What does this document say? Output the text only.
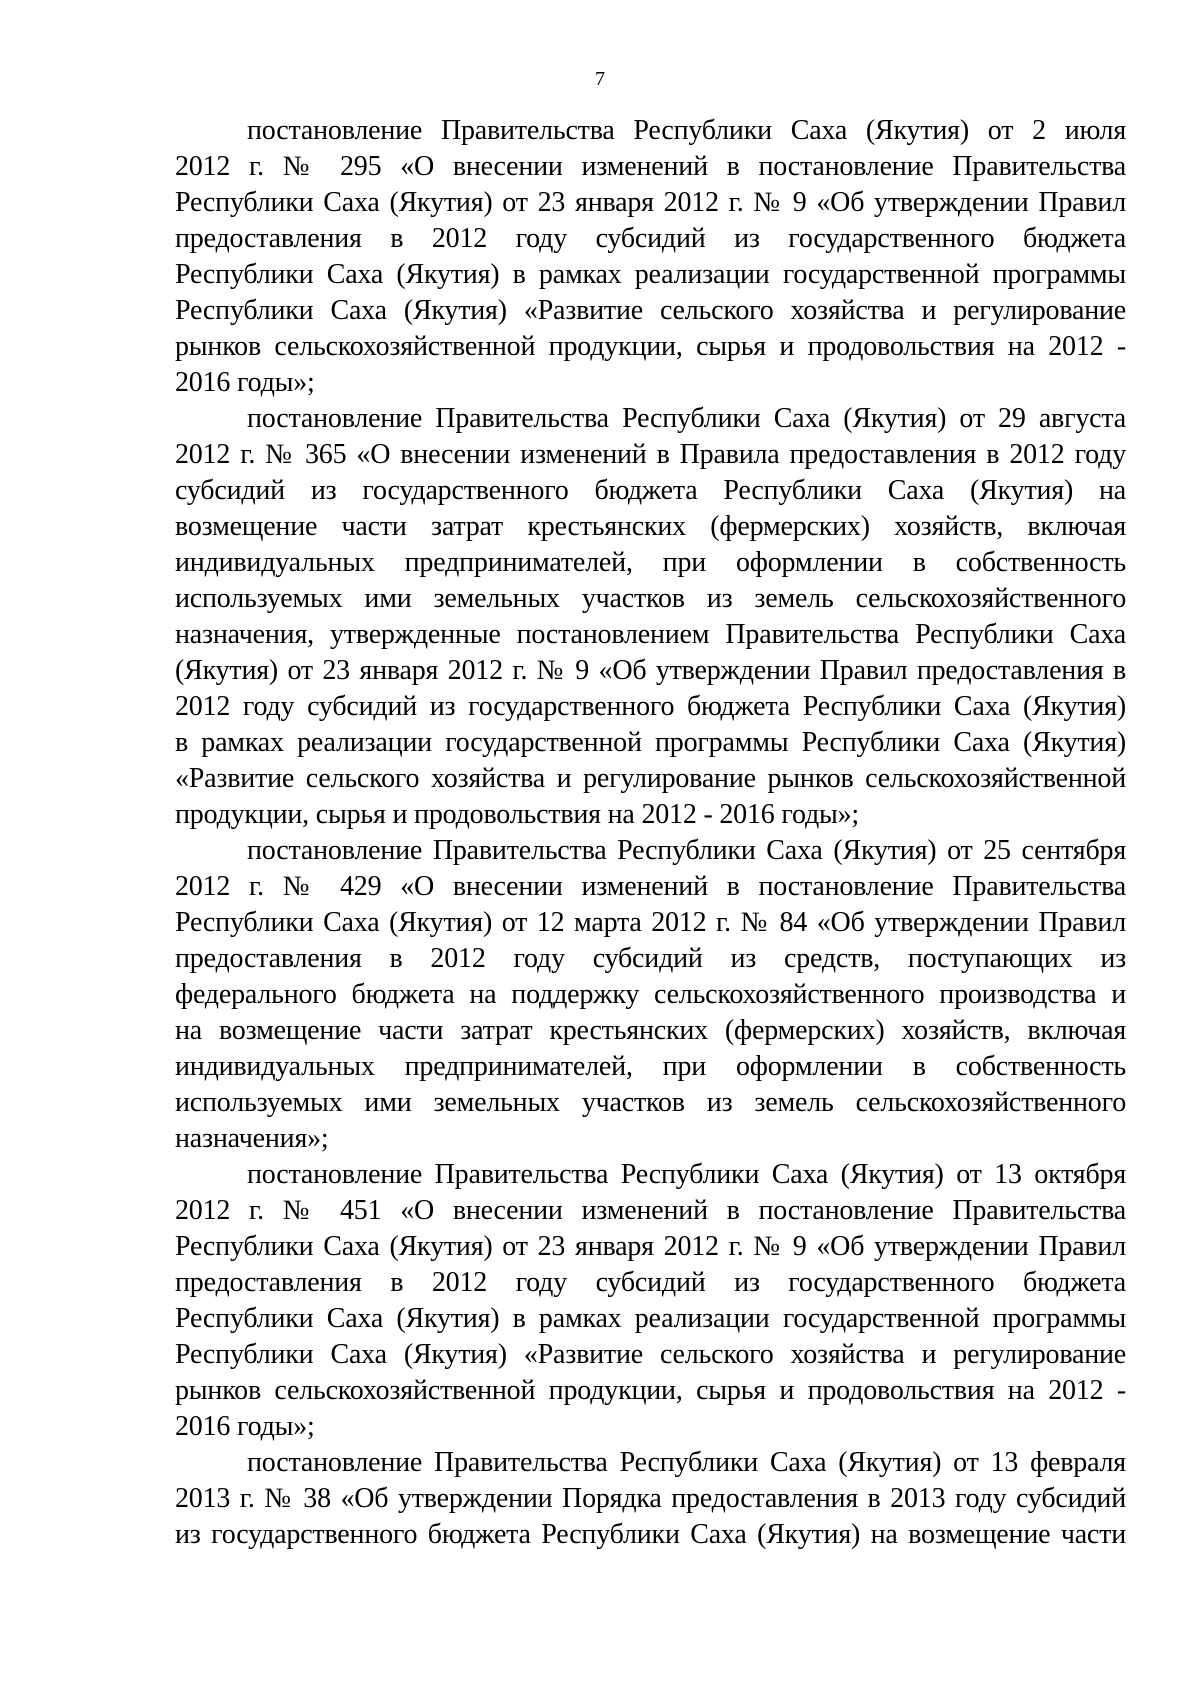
7
постановление Правительства Республики Саха (Якутия) от 2 июля
2012 г. № 295 «О внесении изменений в постановление Правительства
Республики Саха (Якутия) от 23 января 2012 г. № 9 «Об утверждении Правил
предоставления в 2012 году субсидий из государственного бюджета
Республики Саха (Якутия) в рамках реализации государственной программы
Республики Саха (Якутия) «Развитие сельского хозяйства и регулирование
рынков сельскохозяйственной продукции, сырья и продовольствия на 2012 -
2016 годы»;
постановление Правительства Республики Саха (Якутия) от 29 августа
2012 г. № 365 «О внесении изменений в Правила предоставления в 2012 году
субсидий из государственного бюджета Республики Саха (Якутия) на
возмещение части затрат крестьянских (фермерских) хозяйств, включая
индивидуальных предпринимателей, при оформлении в собственность
используемых ими земельных участков из земель сельскохозяйственного
назначения, утвержденные постановлением Правительства Республики Саха
(Якутия) от 23 января 2012 г. № 9 «Об утверждении Правил предоставления в
2012 году субсидий из государственного бюджета Республики Саха (Якутия)
в рамках реализации государственной программы Республики Саха (Якутия)
«Развитие сельского хозяйства и регулирование рынков сельскохозяйственной
продукции, сырья и продовольствия на 2012 - 2016 годы»;
постановление Правительства Республики Саха (Якутия) от 25 сентября
2012 г. № 429 «О внесении изменений в постановление Правительства
Республики Саха (Якутия) от 12 марта 2012 г. № 84 «Об утверждении Правил
предоставления в 2012 году субсидий из средств, поступающих из
федерального бюджета на поддержку сельскохозяйственного производства и
на возмещение части затрат крестьянских (фермерских) хозяйств, включая
индивидуальных предпринимателей, при оформлении в собственность
используемых ими земельных участков из земель сельскохозяйственного
назначения»;
постановление Правительства Республики Саха (Якутия) от 13 октября
2012 г. № 451 «О внесении изменений в постановление Правительства
Республики Саха (Якутия) от 23 января 2012 г. № 9 «Об утверждении Правил
предоставления в 2012 году субсидий из государственного бюджета
Республики Саха (Якутия) в рамках реализации государственной программы
Республики Саха (Якутия) «Развитие сельского хозяйства и регулирование
рынков сельскохозяйственной продукции, сырья и продовольствия на 2012 -
2016 годы»;
постановление Правительства Республики Саха (Якутия) от 13 февраля
2013 г. № 38 «Об утверждении Порядка предоставления в 2013 году субсидий
из государственного бюджета Республики Саха (Якутия) на возмещение части
